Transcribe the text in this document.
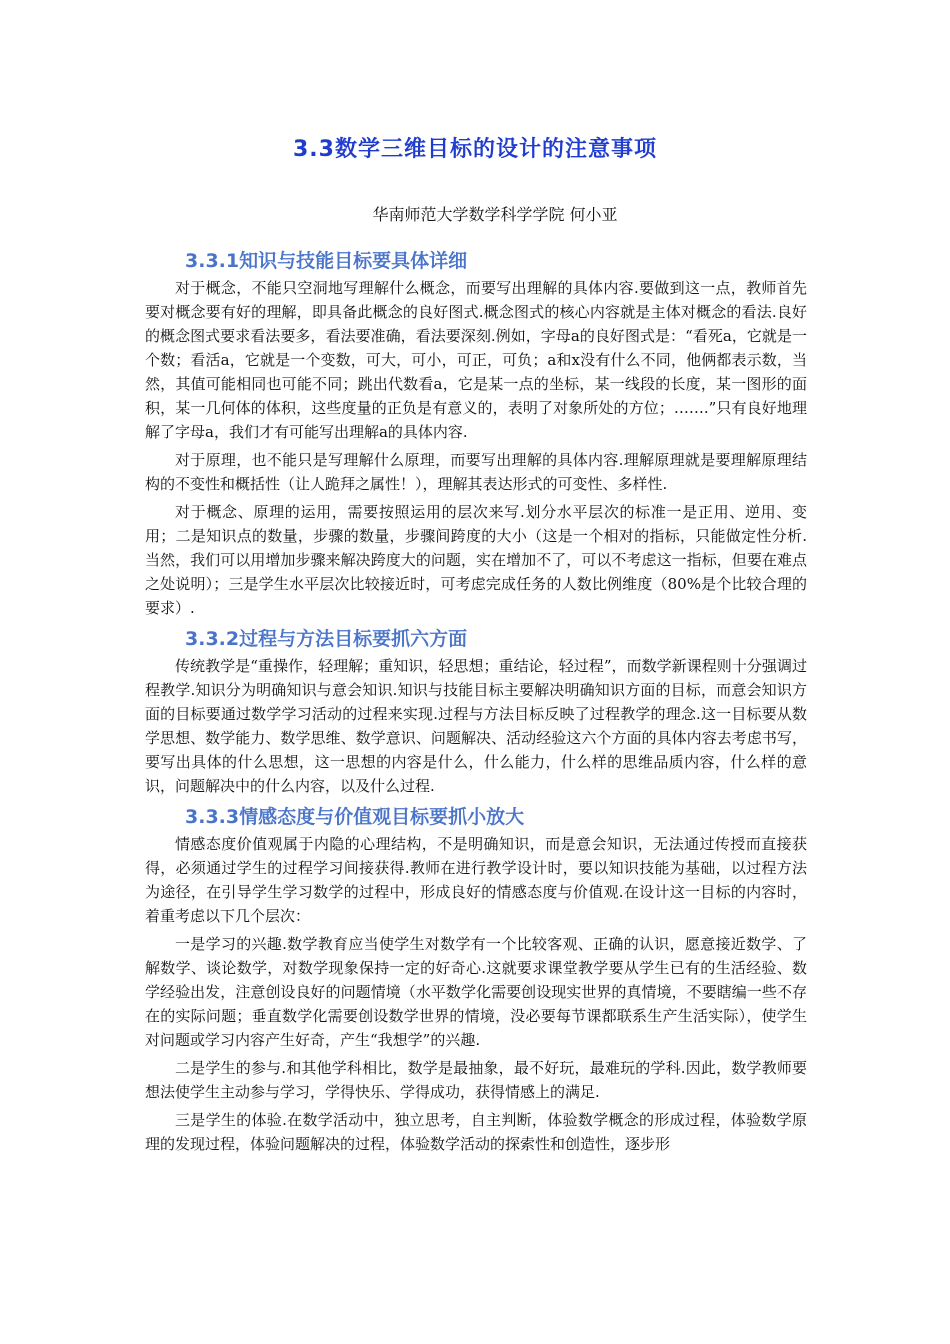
3.3数学三维目标的设计的注意事项
华南师范大学数学科学学院 何小亚
3.3.1知识与技能目标要具体详细

对于概念，不能只空洞地写理解什么概念，而要写出理解的具体内容.要做到这一点，教师首先要对概念要有好的理解，即具备此概念的良好图式.概念图式的核心内容就是主体对概念的看法.良好的概念图式要求看法要多，看法要准确，看法要深刻.例如，字母a的良好图式是：“看死a，它就是一个数；看活a，它就是一个变数，可大，可小，可正，可负；a和x没有什么不同，他俩都表示数，当然，其值可能相同也可能不同；跳出代数看a，它是某一点的坐标，某一线段的长度，某一图形的面积，某一几何体的体积，这些度量的正负是有意义的，表明了对象所处的方位；…….”只有良好地理解了字母a，我们才有可能写出理解a的具体内容.

对于原理，也不能只是写理解什么原理，而要写出理解的具体内容.理解原理就是要理解原理结构的不变性和概括性（让人跪拜之属性！），理解其表达形式的可变性、多样性.

对于概念、原理的运用，需要按照运用的层次来写.划分水平层次的标准一是正用、逆用、变用；二是知识点的数量，步骤的数量，步骤间跨度的大小（这是一个相对的指标，只能做定性分析.当然，我们可以用增加步骤来解决跨度大的问题，实在增加不了，可以不考虑这一指标，但要在难点之处说明）；三是学生水平层次比较接近时，可考虑完成任务的人数比例维度（80%是个比较合理的要求）.

3.3.2过程与方法目标要抓六方面

传统教学是“重操作，轻理解；重知识，轻思想；重结论，轻过程”，而数学新课程则十分强调过程教学.知识分为明确知识与意会知识.知识与技能目标主要解决明确知识方面的目标，而意会知识方面的目标要通过数学学习活动的过程来实现.过程与方法目标反映了过程教学的理念.这一目标要从数学思想、数学能力、数学思维、数学意识、问题解决、活动经验这六个方面的具体内容去考虑书写，要写出具体的什么思想，这一思想的内容是什么，什么能力，什么样的思维品质内容，什么样的意识，问题解决中的什么内容，以及什么过程.

3.3.3情感态度与价值观目标要抓小放大

情感态度价值观属于内隐的心理结构，不是明确知识，而是意会知识，无法通过传授而直接获得，必须通过学生的过程学习间接获得.教师在进行教学设计时，要以知识技能为基础，以过程方法为途径，在引导学生学习数学的过程中，形成良好的情感态度与价值观.在设计这一目标的内容时，着重考虑以下几个层次：

一是学习的兴趣.数学教育应当使学生对数学有一个比较客观、正确的认识，愿意接近数学、了解数学、谈论数学，对数学现象保持一定的好奇心.这就要求课堂教学要从学生已有的生活经验、数学经验出发，注意创设良好的问题情境（水平数学化需要创设现实世界的真情境，不要瞎编一些不存在的实际问题；垂直数学化需要创设数学世界的情境，没必要每节课都联系生产生活实际），使学生对问题或学习内容产生好奇，产生“我想学”的兴趣.

二是学生的参与.和其他学科相比，数学是最抽象，最不好玩，最难玩的学科.因此，数学教师要想法使学生主动参与学习，学得快乐、学得成功，获得情感上的满足.

三是学生的体验.在数学活动中，独立思考，自主判断，体验数学概念的形成过程，体验数学原理的发现过程，体验问题解决的过程，体验数学活动的探索性和创造性，逐步形
